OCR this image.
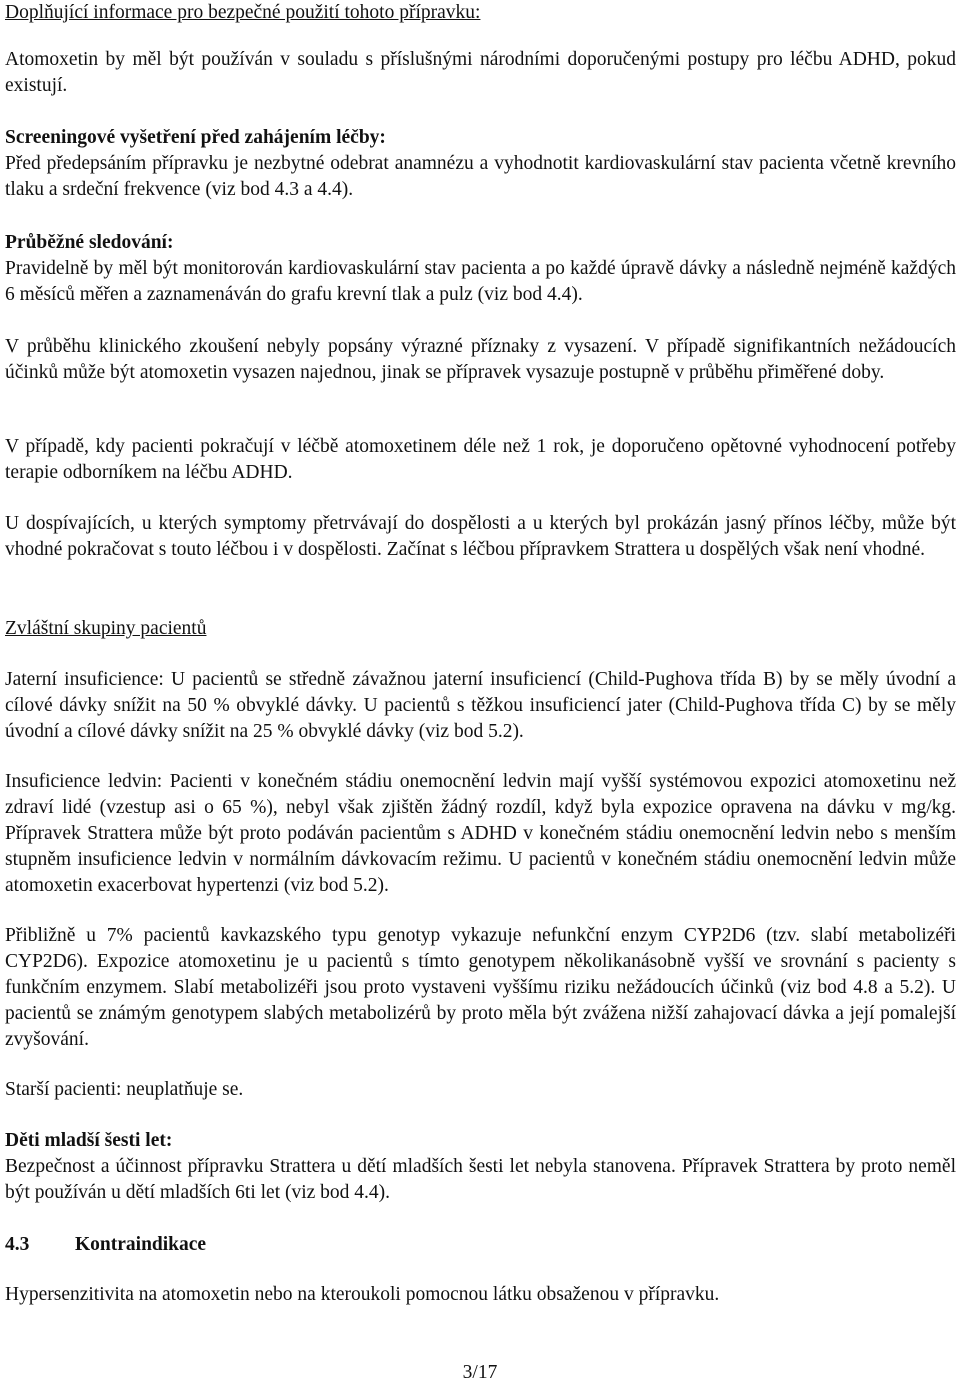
Doplňující informace pro bezpečné použití tohoto přípravku:

Atomoxetin by měl být používán v souladu s příslušnými národními doporučenými postupy pro léčbu ADHD, pokud existují.

Screeningové vyšetření před zahájením léčby:

Před předepsáním přípravku je nezbytné odebrat anamnézu a vyhodnotit kardiovaskulární stav pacienta včetně krevního tlaku a srdeční frekvence (viz bod 4.3 a 4.4).

Průběžné sledování:

Pravidelně by měl být monitorován kardiovaskulární stav pacienta a po každé úpravě dávky a následně nejméně každých 6 měsíců měřen a zaznamenáván do grafu krevní tlak a pulz (viz bod 4.4).

V průběhu klinického zkoušení nebyly popsány výrazné příznaky z vysazení. V případě signifikantních nežádoucích účinků může být atomoxetin vysazen najednou, jinak se přípravek vysazuje postupně v průběhu přiměřené doby.

V případě, kdy pacienti pokračují v léčbě atomoxetinem déle než 1 rok, je doporučeno opětovné vyhodnocení potřeby terapie odborníkem na léčbu ADHD.

U dospívajících, u kterých symptomy přetrvávají do dospělosti a u kterých byl prokázán jasný přínos léčby, může být vhodné pokračovat s touto léčbou i v dospělosti. Začínat s léčbou přípravkem Strattera u dospělých však není vhodné.

Zvláštní skupiny pacientů

Jaterní insuficience: U pacientů se středně závažnou jaterní insuficiencí (Child-Pughova třída B) by se měly úvodní a cílové dávky snížit na 50 % obvyklé dávky. U pacientů s těžkou insuficiencí jater (Child-Pughova třída C) by se měly úvodní a cílové dávky snížit na 25 % obvyklé dávky (viz bod 5.2).

Insuficience ledvin: Pacienti v konečném stádiu onemocnění ledvin mají vyšší systémovou expozici atomoxetinu než zdraví lidé (vzestup asi o 65 %), nebyl však zjištěn žádný rozdíl, když byla expozice opravena na dávku v mg/kg. Přípravek Strattera může být proto podáván pacientům s ADHD v konečném stádiu onemocnění ledvin nebo s menším stupněm insuficience ledvin v normálním dávkovacím režimu. U pacientů v konečném stádiu onemocnění ledvin může atomoxetin exacerbovat hypertenzi (viz bod 5.2).

Přibližně u 7% pacientů kavkazského typu genotyp vykazuje nefunkční enzym CYP2D6 (tzv. slabí metabolizéři CYP2D6). Expozice atomoxetinu je u pacientů s tímto genotypem několikanásobně vyšší ve srovnání s pacienty s funkčním enzymem. Slabí metabolizéři jsou proto vystaveni vyššímu riziku nežádoucích účinků (viz bod 4.8 a 5.2). U pacientů se známým genotypem slabých metabolizérů by proto měla být zvážena nižší zahajovací dávka a její pomalejší zvyšování.

Starší pacienti: neuplatňuje se.

Děti mladší šesti let:

Bezpečnost a účinnost přípravku Strattera u dětí mladších šesti let nebyla stanovena. Přípravek Strattera by proto neměl být používán u dětí mladších 6ti let (viz bod 4.4).

4.3 Kontraindikace

Hypersenzitivita na atomoxetin nebo na kteroukoli pomocnou látku obsaženou v přípravku.

3/17
